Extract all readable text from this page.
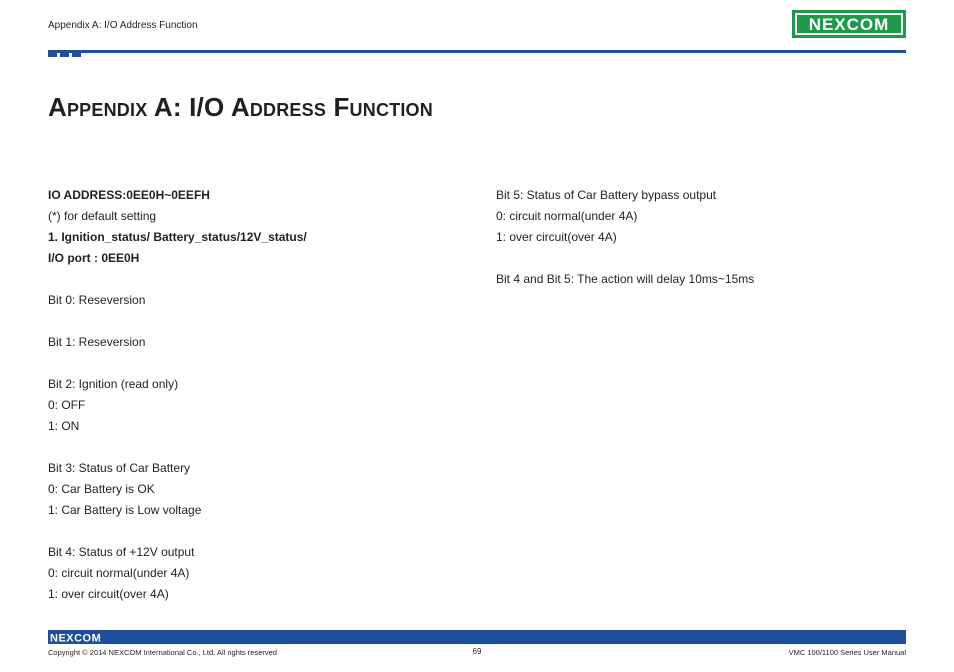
Appendix A: I/O Address Function	NEXCOM
Appendix A: I/O Address Function
IO ADDRESS:0EE0H~0EEFH
(*) for default setting
1. Ignition_status/ Battery_status/12V_status/
I/O port : 0EE0H
Bit 0: Reseversion
Bit 1: Reseversion
Bit 2: Ignition (read only)
0: OFF
1: ON
Bit 3: Status of Car Battery
0: Car Battery is OK
1: Car Battery is Low voltage
Bit 4: Status of +12V output
0: circuit normal(under 4A)
1: over circuit(over 4A)
Bit 5: Status of Car Battery bypass output
0: circuit normal(under 4A)
1: over circuit(over 4A)
Bit 4 and Bit 5: The action will delay 10ms~15ms
NEXCOM
Copyright © 2014 NEXCOM International Co., Ltd. All rights reserved	69	VMC 100/1100 Series User Manual
